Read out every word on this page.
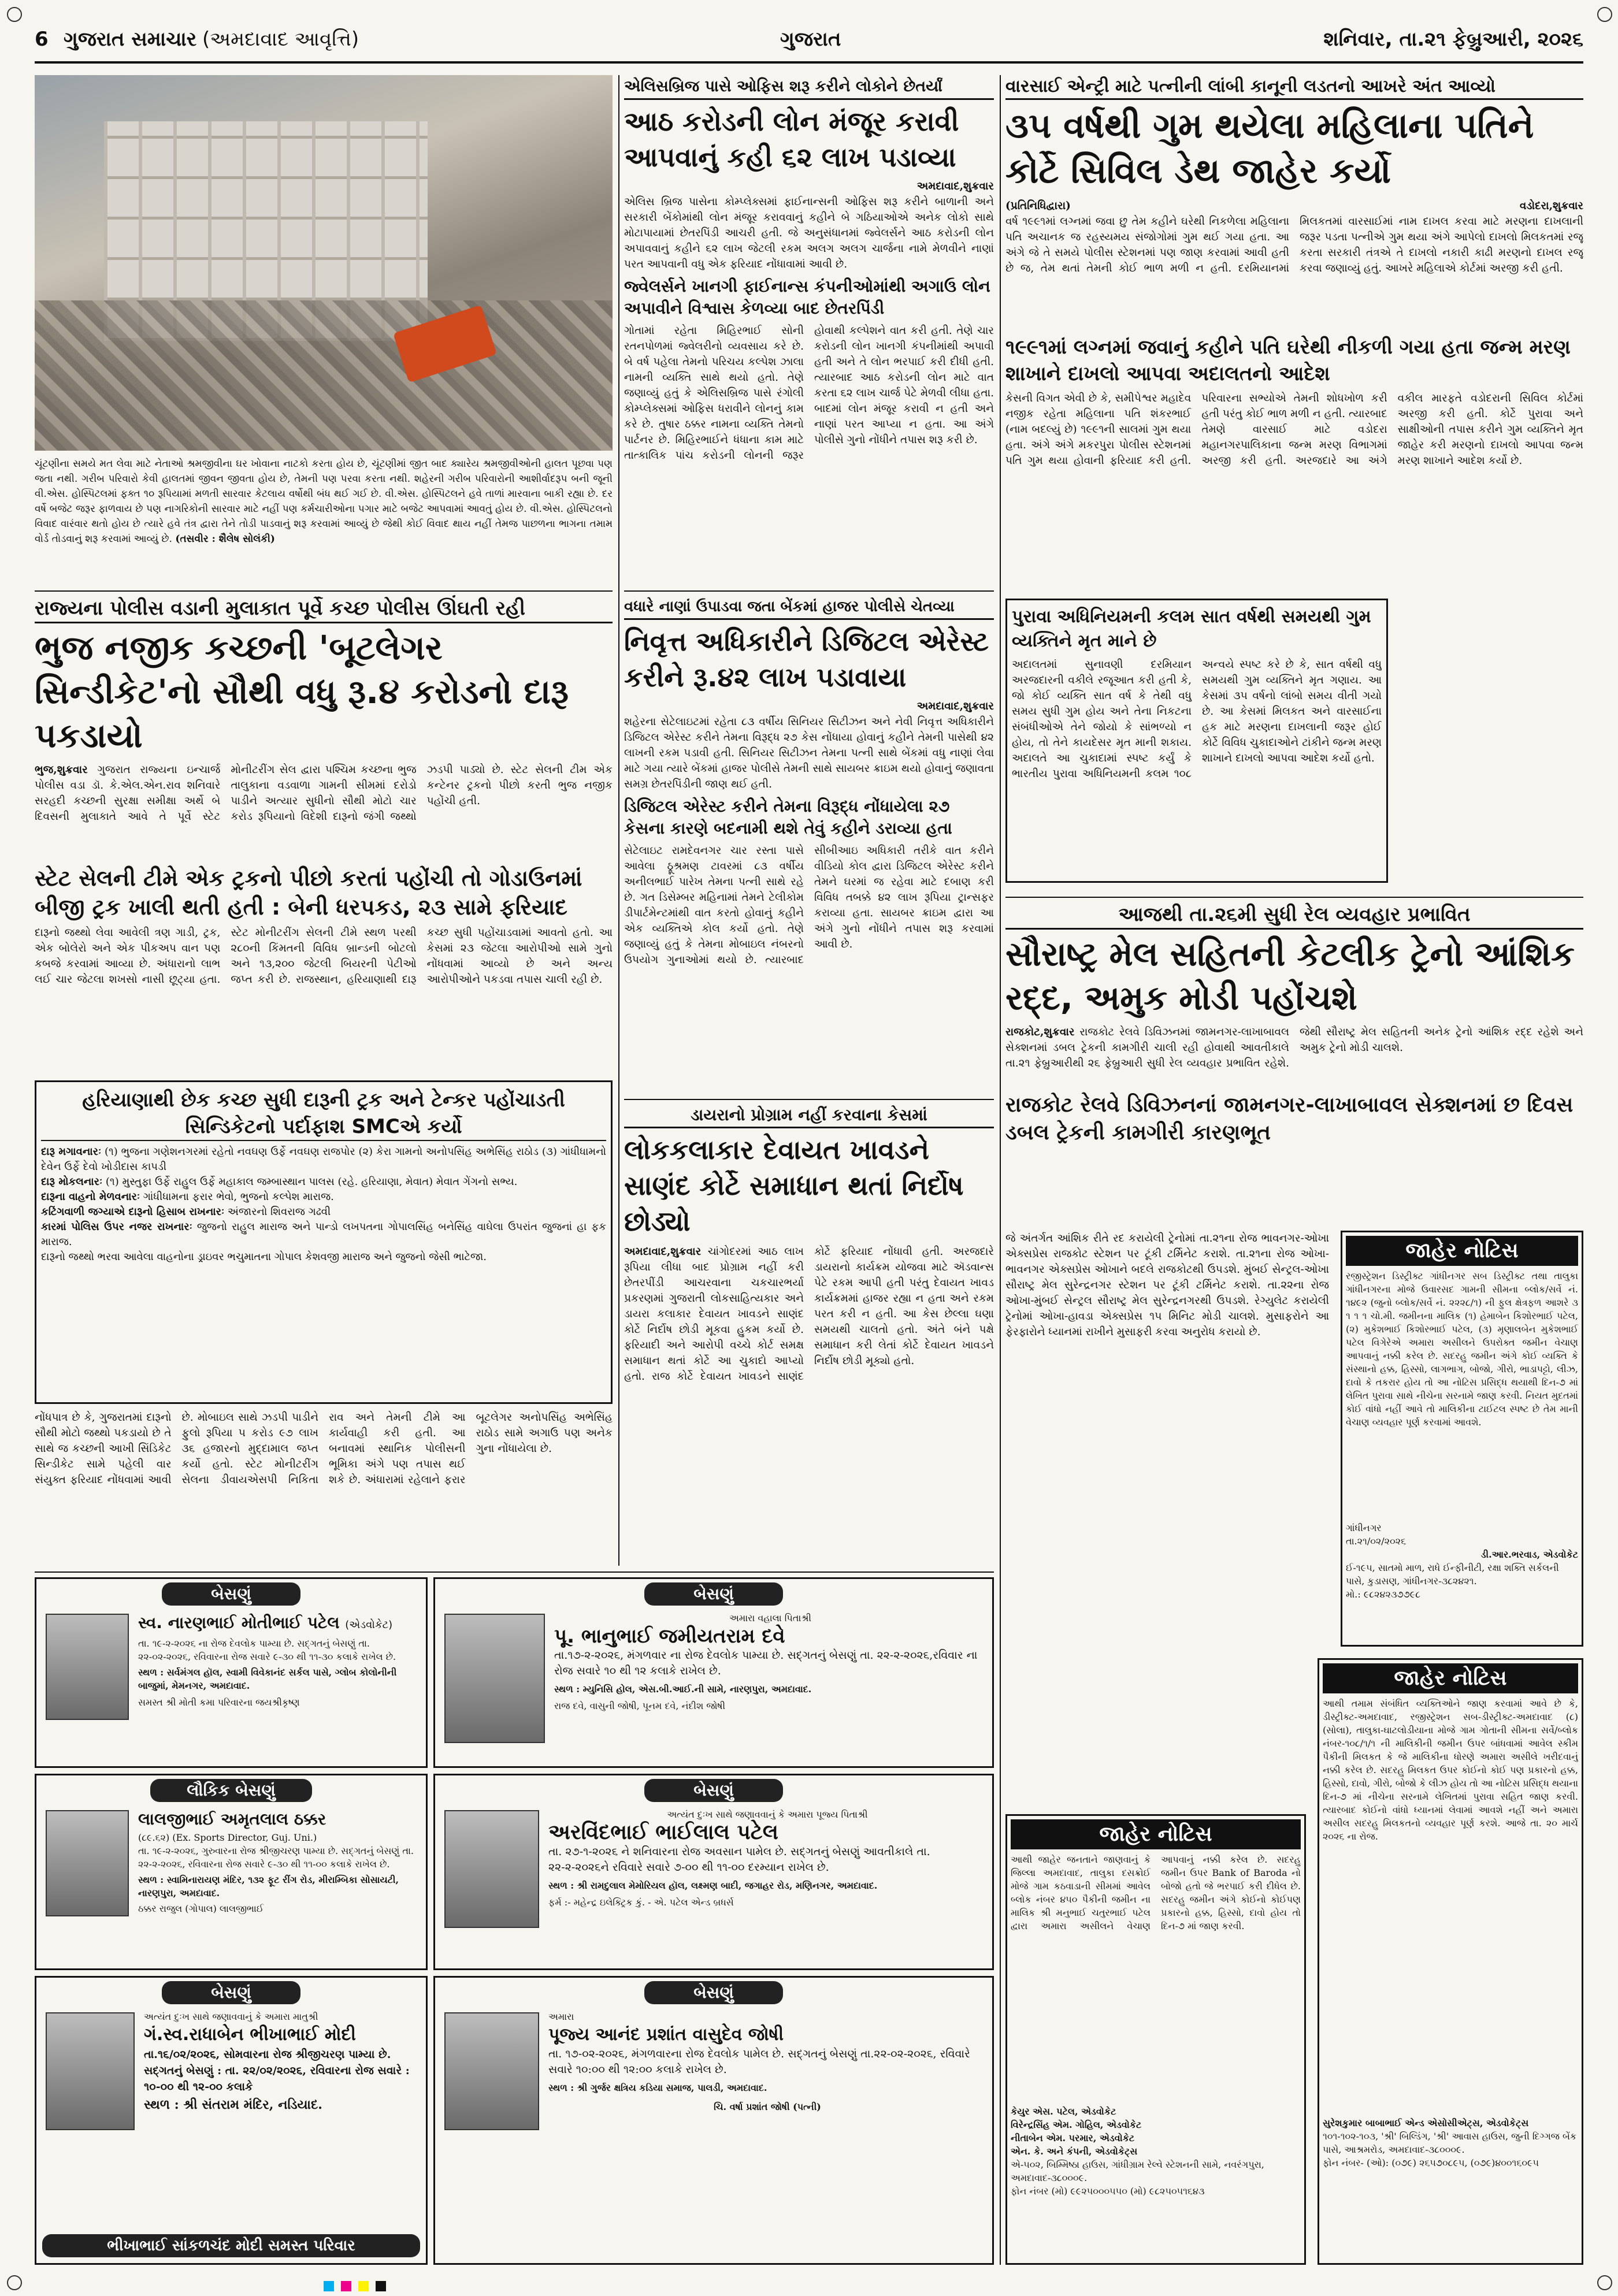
6 ગુજરાત સમાચાર (અમદાવાદ આવૃત્તિ)	ગુજરાત	શનિવાર, તા.૨૧ ફેબ્રુઆરી, ૨૦૨૬
ચૂંટણીના સમયે મત લેવા માટે નેતાઓ શ્રમજીવીના ઘર ખોવાના નાટકો કરતા હોય છે, ચૂંટણીમાં જીત બાદ ક્યારેય શ્રમજીવીઓની હાલત પૂછવા પણ જતા નથી. ગરીબ પરિવારો કેવી હાલતમાં જીવન જીવતા હોય છે, તેમની પણ પરવા કરતા નથી. શહેરની ગરીબ પરિવારોની આશીર્વાદરૂપ બની જૂની વી.એસ. હોસ્પિટલમાં ફક્ત ૧૦ રૂપિયામાં મળતી સારવાર કેટલાય વર્ષોથી બંધ થઈ ગઈ છે. વી.એસ. હોસ્પિટલને હવે તાળાં મારવાના બાકી રહ્યા છે. દર વર્ષે બજેટ જરૂર ફાળવાય છે પણ નાગરિકોની સારવાર માટે નહીં પણ કર્મચારીઓના પગાર માટે બજેટ આપવામાં આવતું હોય છે. વી.એસ. હોસ્પિટલનો વિવાદ વારંવાર થતો હોય છે ત્યારે હવે તંત્ર દ્વારા તેને તોડી પાડવાનું શરૂ કરવામાં આવ્યું છે જેથી કોઈ વિવાદ થાય નહીં તેમજ પાછળના ભાગના તમામ વોર્ડ તોડવાનું શરૂ કરવામાં આવ્યું છે. (તસવીર : શૈલેષ સોલંકી)
એલિસબ્રિજ પાસે ઓફિસ શરૂ કરીને લોકોને છેતર્યાં
આઠ કરોડની લોન મંજૂર કરાવી આપવાનું કહી ૬૨ લાખ પડાવ્યા
અમદાવાદ,શુક્રવાર
એલિસ બ્રિજ પાસેના કોમ્પ્લેક્સમાં ફાઈનાન્સની ઓફિસ શરૂ કરીને બાળાની અને સરકારી બેંકોમાંથી લોન મંજૂર કરાવવાનું કહીને બે ગઠિયાઓએ અનેક લોકો સાથે મોટાપાયામાં છેતરપિંડી આચરી હતી. જે અનુસંધાનમાં જ્વેલર્સને આઠ કરોડની લોન અપાવવાનું કહીને ૬૨ લાખ જેટલી રકમ અલગ અલગ ચાર્જના નામે મેળવીને નાણાં પરત આપવાની વધુ એક ફરિયાદ નોંધાવામાં આવી છે.
જ્વેલર્સને ખાનગી ફાઈનાન્સ કંપનીઓમાંથી અગાઉ લોન અપાવીને વિશ્વાસ કેળવ્યા બાદ છેતરપિંડી
ગોતામાં રહેતા મિહિરભાઈ સોની રતનપોળમાં જ્વેલરીનો વ્યવસાય કરે છે. બે વર્ષ પહેલા તેમનો પરિચય કલ્પેશ ઝાલા નામની વ્યક્તિ સાથે થયો હતો. તેણે જણાવ્યું હતું કે એલિસબ્રિજ પાસે રંગોલી કોમ્પ્લેક્સમાં ઓફિસ ધરાવીને લોનનું કામ કરે છે. તુષાર ઠક્કર નામના વ્યક્તિ તેમનો પાર્ટનર છે. મિહિરભાઈને ધંધાના કામ માટે તાત્કાલિક પાંચ કરોડની લોનની જરૂર હોવાથી કલ્પેશને વાત કરી હતી. તેણે ચાર કરોડની લોન ખાનગી કંપનીમાંથી અપાવી હતી અને તે લોન ભરપાઈ કરી દીધી હતી. ત્યારબાદ આઠ કરોડની લોન માટે વાત કરતા ૬૨ લાખ ચાર્જ પેટે મેળવી લીધા હતા. બાદમાં લોન મંજૂર કરાવી ન હતી અને નાણાં પરત આપ્યા ન હતા. આ અંગે પોલીસે ગુનો નોંધીને તપાસ શરૂ કરી છે.
વારસાઈ એન્ટ્રી માટે પત્નીની લાંબી કાનૂની લડતનો આખરે અંત આવ્યો
૩૫ વર્ષથી ગુમ થયેલા મહિલાના પતિને કોર્ટે સિવિલ ડેથ જાહેર કર્યો
(પ્રતિનિધિદ્વારા)	વડોદરા,શુક્રવાર
વર્ષ ૧૯૯૧માં લગ્નમાં જવા છુ તેમ કહીને ઘરેથી નિકળેલા મહિલાના પતિ અચાનક જ રહસ્યમય સંજોગોમાં ગુમ થઈ ગયા હતા. આ અંગે જે તે સમયે પોલીસ સ્ટેશનમાં પણ જાણ કરવામાં આવી હતી છે જ, તેમ થતાં તેમની કોઈ ભાળ મળી ન હતી. દરમિયાનમાં મિલકતમાં વારસાઈમાં નામ દાખલ કરવા માટે મરણના દાખલાની જરૂર પડતા પત્નીએ ગુમ થયા અંગે આપેલો દાખલો મિલકતમાં રજૂ કરતા સરકારી તંત્રએ તે દાખલો નકારી કાઢી મરણનો દાખલ રજૂ કરવા જણાવ્યું હતું. આખરે મહિલાએ કોર્ટમાં અરજી કરી હતી.
૧૯૯૧માં લગ્નમાં જવાનું કહીને પતિ ઘરેથી નીકળી ગયા હતા જન્મ મરણ શાખાને દાખલો આપવા અદાલતનો આદેશ
કેસની વિગત એવી છે કે, સમીપેશ્વર મહાદેવ નજીક રહેતા મહિલાના પતિ શંકરભાઈ (નામ બદલ્યું છે) ૧૯૯૧ની સાલમાં ગુમ થયા હતા. અંગે અંગે મકરપુરા પોલીસ સ્ટેશનમાં પતિ ગુમ થયા હોવાની ફરિયાદ કરી હતી. પરિવારના સભ્યોએ તેમની શોધખોળ કરી હતી પરંતુ કોઈ ભાળ મળી ન હતી. ત્યારબાદ તેમણે વારસાઈ માટે વડોદરા મહાનગરપાલિકાના જન્મ મરણ વિભાગમાં અરજી કરી હતી. અરજદારે આ અંગે વકીલ મારફતે વડોદરાની સિવિલ કોર્ટમાં અરજી કરી હતી. કોર્ટે પુરાવા અને સાક્ષીઓની તપાસ કરીને ગુમ વ્યક્તિને મૃત જાહેર કરી મરણનો દાખલો આપવા જન્મ મરણ શાખાને આદેશ કર્યો છે.
પુરાવા અધિનિયમની કલમ સાત વર્ષથી સમયથી ગુમ વ્યક્તિને મૃત માને છે
અદાલતમાં સુનાવણી દરમિયાન અરજદારની વકીલે રજૂઆત કરી હતી કે, જો કોઈ વ્યક્તિ સાત વર્ષ કે તેથી વધુ સમય સુધી ગુમ હોય અને તેના નિકટના સંબંધીઓએ તેને જોયો કે સાંભળ્યો ન હોય, તો તેને કાયદેસર મૃત માની શકાય. અદાલતે આ ચુકાદામાં સ્પષ્ટ કર્યું કે ભારતીય પુરાવા અધિનિયમની કલમ ૧૦૮ અન્વયે સ્પષ્ટ કરે છે કે, સાત વર્ષથી વધુ સમયથી ગુમ વ્યક્તિને મૃત ગણાય. આ કેસમાં ૩૫ વર્ષનો લાંબો સમય વીતી ગયો છે. આ કેસમાં મિલકત અને વારસાઈના હક માટે મરણના દાખલાની જરૂર હોઈ કોર્ટે વિવિધ ચુકાદાઓને ટાંકીને જન્મ મરણ શાખાને દાખલો આપવા આદેશ કર્યો હતો.
રાજ્યના પોલીસ વડાની મુલાકાત પૂર્વે કચ્છ પોલીસ ઊંઘતી રહી
ભુજ નજીક કચ્છની 'બૂટલેગર સિન્ડીકેટ'નો સૌથી વધુ રૂ.૪ કરોડનો દારૂ પકડાયો
ભુજ,શુક્રવાર ગુજરાત રાજ્યના ઇન્ચાર્જ પોલીસ વડા ડૉ. કે.એલ.એન.રાવ શનિવારે સરહદી કચ્છની સુરક્ષા સમીક્ષા અર્થે બે દિવસની મુલાકાતે આવે તે પૂર્વે સ્ટેટ મોનીટરીંગ સેલ દ્વારા પશ્ચિમ કચ્છના ભુજ તાલુકાના વડવાળા ગામની સીમમાં દરોડો પાડીને અત્યાર સુધીનો સૌથી મોટો ચાર કરોડ રૂપિયાનો વિદેશી દારૂનો જંગી જથ્થો ઝડપી પાડ્યો છે. સ્ટેટ સેલની ટીમ એક કન્ટેનર ટ્રકનો પીછો કરતી ભુજ નજીક પહોંચી હતી.
સ્ટેટ સેલની ટીમે એક ટ્રકનો પીછો કરતાં પહોંચી તો ગોડાઉનમાં બીજી ટ્રક ખાલી થતી હતી : બેની ધરપકડ, ૨૩ સામે ફરિયાદ
દારૂનો જથ્થો લેવા આવેલી ત્રણ ગાડી, ટ્રક, એક બોલેરો અને એક પીકઅપ વાન પણ કબજે કરવામાં આવ્યા છે. અંધારાનો લાભ લઈ ચાર જેટલા શખસો નાસી છૂટ્યા હતા. સ્ટેટ મોનીટરીંગ સેલની ટીમે સ્થળ પરથી ૨૮૦ની કિંમતની વિવિધ બ્રાન્ડની બોટલો અને ૧૩,૨૦૦ જેટલી બિયરની પેટીઓ જપ્ત કરી છે. રાજસ્થાન, હરિયાણાથી દારૂ કચ્છ સુધી પહોંચાડવામાં આવતો હતો. આ કેસમાં ૨૩ જેટલા આરોપીઓ સામે ગુનો નોંધવામાં આવ્યો છે અને અન્ય આરોપીઓને પકડવા તપાસ ચાલી રહી છે.
હરિયાણાથી છેક કચ્છ સુધી દારૂની ટ્રક અને ટેન્કર પહોંચાડતી સિન્ડિકેટનો પર્દાફાશ SMCએ કર્યો
દારૂ મગાવનારઃ (૧) ભુજના ગણેશનગરમાં રહેતો નવઘણ ઉર્ફે નવઘણ રાજપોર (૨) કેરા ગામનો અનોપસિંહ અભેસિંહ રાઠોડ (૩) ગાંધીધામનો દેવેન ઉર્ફે દેવો ખોડીદાસ કાપડી
દારૂ મોકલનારઃ (૧) મુસ્તુફા ઉર્ફે રાહુલ ઉર્ફે મહાકાલ જમ્બાસ્થાન પાલસ (રહે. હરિયાણા, મેવાત) મેવાત ગેંગનો સભ્ય.
દારૂના વાહનો મેળવનારઃ ગાંધીધામના ફરાર ભેવો, ભુજનો કલ્પેશ મારાજ.
કટિંગવાળી જગ્યાએ દારૂનો હિસાબ રાખનારઃ અંજારનો શિવરાજ ગઢવી
કારમાં પોલિસ ઉપર નજર રાખનારઃ જુજનો રાહુલ મારાજ અને પાન્ડો લખપતના ગોપાલસિંહ બનેસિંહ વાઘેલા ઉપરાંત જુજનાં હા ફક મારાજ.
દારૂનો જથ્થો ભરવા આવેલા વાહનોના ડ્રાઇવર ભચુમાતના ગોપાલ કેશવજી મારાજ અને જુજનો જેસી ભાટેજા.
નોંધપાત્ર છે કે, ગુજરાતમાં દારૂનો સૌથી મોટો જથ્થો પકડાયો છે તે સાથે જ કચ્છની આખી સિંડિકેટ સિન્ડીકેટ સામે પહેલી વાર સંયુક્ત ફરિયાદ નોંધવામાં આવી છે. મોબાઇલ સાથે ઝડપી પાડીને ફુલો રૂપિયા ૫ કરોડ ૯૭ લાખ ૩૬ હજારનો મુદ્દામાલ જપ્ત કર્યો હતો. સ્ટેટ મોનીટરીંગ સેલના ડીવાયએસપી નિકિતા રાવ અને તેમની ટીમે આ કાર્યવાહી કરી હતી. આ બનાવમાં સ્થાનિક પોલીસની ભૂમિકા અંગે પણ તપાસ થઈ શકે છે. અંધારામાં રહેલાને ફરાર બૂટલેગર અનોપસિંહ અભેસિંહ રાઠોડ સામે અગાઉ પણ અનેક ગુના નોંધાયેલા છે.
વધારે નાણાં ઉપાડવા જતા બેંકમાં હાજર પોલીસે ચેતવ્યા
નિવૃત્ત અધિકારીને ડિજિટલ એરેસ્ટ કરીને રૂ.૪૨ લાખ પડાવાયા
અમદાવાદ,શુક્રવાર
શહેરના સેટેલાઇટમાં રહેતા ૮૩ વર્ષીય સિનિયર સિટીઝન અને નેવી નિવૃત્ત અધિકારીને ડિજિટલ એરેસ્ટ કરીને તેમના વિરૂદ્ધ ૨૭ કેસ નોંધાયા હોવાનું કહીને તેમની પાસેથી ૪૨ લાખની રકમ પડાવી હતી. સિનિયર સિટીઝન તેમના પત્ની સાથે બેંકમાં વધુ નાણાં લેવા માટે ગયા ત્યારે બેંકમાં હાજર પોલીસે તેમની સાથે સાયબર ક્રાઇમ થયો હોવાનું જણાવતા સમગ્ર છેતરપિંડીની જાણ થઈ હતી.
ડિજિટલ એરેસ્ટ કરીને તેમના વિરૂદ્ધ નોંધાયેલા ૨૭ કેસના કારણે બદનામી થશે તેવું કહીને ડરાવ્યા હતા
સેટેલાઇટ રામદેવનગર ચાર રસ્તા પાસે આવેલા ઠ્રૂશ્રમણ ટાવરમાં ૮૩ વર્ષીય અનીલભાઈ પારેખ તેમના પત્ની સાથે રહે છે. ગત ડિસેમ્બર મહિનામાં તેમને ટેલીકોમ ડીપાર્ટમેન્ટમાંથી વાત કરતો હોવાનું કહીને એક વ્યક્તિએ કોલ કર્યો હતો. તેણે જણાવ્યું હતું કે તેમના મોબાઇલ નંબરનો ઉપયોગ ગુનાઓમાં થયો છે. ત્યારબાદ સીબીઆઇ અધિકારી તરીકે વાત કરીને વીડિયો કોલ દ્વારા ડિજિટલ એરેસ્ટ કરીને તેમને ઘરમાં જ રહેવા માટે દબાણ કરી વિવિધ તબક્કે ૪૨ લાખ રૂપિયા ટ્રાન્સફર કરાવ્યા હતા. સાયબર ક્રાઇમ દ્વારા આ અંગે ગુનો નોંધીને તપાસ શરૂ કરવામાં આવી છે.
ડાયરાનો પ્રોગ્રામ નહીં કરવાના કેસમાં
લોકકલાકાર દેવાયત ખાવડને સાણંદ કોર્ટે સમાધાન થતાં નિર્દોષ છોડ્યો
અમદાવાદ,શુક્રવાર ચાંગોદરમાં આઠ લાખ રૂપિયા લીધા બાદ પ્રોગ્રામ નહીં કરી છેતરપીંડી આચરવાના ચકચારભર્યા પ્રકરણમાં ગુજરાતી લોકસાહિત્યકાર અને ડાયરા કલાકાર દેવાયત ખાવડને સાણંદ કોર્ટે નિર્દોષ છોડી મૂકવા હુકમ કર્યો છે. ફરિયાદી અને આરોપી વચ્ચે કોર્ટ સમક્ષ સમાધાન થતાં કોર્ટે આ ચુકાદો આપ્યો હતો. રાજ કોર્ટે દેવાયત ખાવડને સાણંદ કોર્ટે ફરિયાદ નોંધાવી હતી. અરજદારે ડાયરાનો કાર્યક્રમ યોજવા માટે ઍડવાન્સ પેટે રકમ આપી હતી પરંતુ દેવાયત ખાવડ કાર્યક્રમમાં હાજર રહ્યા ન હતા અને રકમ પરત કરી ન હતી. આ કેસ છેલ્લા ઘણા સમયથી ચાલતો હતો. અંતે બંને પક્ષે સમાધાન કરી લેતાં કોર્ટે દેવાયત ખાવડને નિર્દોષ છોડી મૂક્યો હતો.
આજથી તા.૨૬મી સુધી રેલ વ્યવહાર પ્રભાવિત
સૌરાષ્ટ્ર મેલ સહિતની કેટલીક ટ્રેનો આંશિક રદ્દ, અમુક મોડી પહોંચશે
રાજકોટ,શુક્રવાર રાજકોટ રેલવે ડિવિઝનમાં જામનગર-લાખાબાવલ સેક્શનમાં ડબલ ટ્રેકની કામગીરી ચાલી રહી હોવાથી આવતીકાલે તા.૨૧ ફેબ્રુઆરીથી ૨૬ ફેબ્રુઆરી સુધી રેલ વ્યવહાર પ્રભાવિત રહેશે. જેથી સૌરાષ્ટ્ર મેલ સહિતની અનેક ટ્રેનો આંશિક રદ્દ રહેશે અને અમુક ટ્રેનો મોડી ચાલશે.
રાજકોટ રેલવે ડિવિઝનનાં જામનગર-લાખાબાવલ સેક્શનમાં છ દિવસ ડબલ ટ્રેકની કામગીરી કારણભૂત
જે અંતર્ગત આંશિક રીતે રદ કરાયેલી ટ્રેનોમાં તા.૨૧ના રોજ ભાવનગર-ઓખા એક્સપ્રેસ રાજકોટ સ્ટેશન પર ટૂંકી ટર્મિનેટ કરાશે. તા.૨૧ના રોજ ઓખા-ભાવનગર એક્સપ્રેસ ઓખાને બદલે રાજકોટથી ઉપડશે. મુંબઈ સેન્ટ્રલ-ઓખા સૌરાષ્ટ્ર મેલ સુરેન્દ્રનગર સ્ટેશન પર ટૂંકી ટર્મિનેટ કરાશે. તા.૨૨ના રોજ ઓખા-મુંબઈ સેન્ટ્રલ સૌરાષ્ટ્ર મેલ સુરેન્દ્રનગરથી ઉપડશે. રેગ્યુલેટ કરાયેલી ટ્રેનોમાં ઓખા-હાવડા એક્સપ્રેસ ૧૫ મિનિટ મોડી ચાલશે. મુસાફરોને આ ફેરફારોને ધ્યાનમાં રાખીને મુસાફરી કરવા અનુરોધ કરાયો છે.
જાહેર નોટિસ
રજીસ્ટ્રેશન ડિસ્ટ્રીક્ટ ગાંધીનગર સબ ડિસ્ટ્રીક્ટ તથા તાલુકા ગાંધીનગરના મોજે ઉવારસદ ગામની સીમના બ્લોક/સર્વે નં. ૧૪૯૨ (જુનો બ્લોક/સર્વે નં. ૨૨૨૮/૧) ની ફુલ ક્ષેત્રફળ આશરે ૩ ૧ ૧ ૧ ચો.મી. જમીનના માલિક (૧) હેમાબેન કિશોરભાઈ પટેલ, (૨) મુકેશભાઈ કિશોરભાઈ પટેલ, (૩) મૃણાલબેન મુકેશભાઈ પટેલ વિગેરેએ અમારા અસીલને ઉપરોક્ત જમીન વેચાણ આપવાનું નક્કી કરેલ છે. સદરહુ જમીન અંગે કોઈ વ્યક્તિ કે સંસ્થાનો હક્ક, હિસ્સો, લાગભાગ, બોજો, ગીરો, ભાડાપટ્ટો, લીઝ, દાવો કે તકરાર હોય તો આ નોટિસ પ્રસિદ્ધ થયાથી દિન-૭ માં લેખિત પુરાવા સાથે નીચેના સરનામે જાણ કરવી. નિયત મુદતમાં કોઈ વાંધો નહીં આવે તો માલિકીના ટાઈટલ સ્પષ્ટ છે તેમ માની વેચાણ વ્યવહાર પૂર્ણ કરવામાં આવશે.
ગાંધીનગર
તા.૨૧/૦૨/૨૦૨૬
ડી.આર.ભરવાડ, એડવોકેટ
ઈ-૧૯૫, સાતમો માળ, રાધે ઈન્ફીનીટી, રક્ષા શક્તિ સર્કલની પાસે, કુડાસણ, ગાંધીનગર-૩૮૨૪૨૧.
મો.: ૯૮૨૪૨૩૭૭૯૮
જાહેર નોટિસ
આથી જાહેર જનતાને જાણવાનું કે જિલ્લા અમદાવાદ, તાલુકા દસક્રોઈ મોજે ગામ કઠવાડાની સીમમાં આવેલ બ્લોક નંબર ૪૫૦ પૈકીની જમીન ના માલિક શ્રી મનુભાઈ ચતુરભાઈ પટેલ દ્વારા અમારા અસીલને વેચાણ આપવાનું નક્કી કરેલ છે. સદરહુ જમીન ઉપર Bank of Baroda નો બોજો હતો જે ભરપાઈ કરી દીધેલ છે. સદરહુ જમીન અંગે કોઈનો કોઈપણ પ્રકારનો હક્ક, હિસ્સો, દાવો હોય તો દિન-૭ માં જાણ કરવી.
કેયુર એસ. પટેલ, એડવોકેટ
વિરેન્દ્રસિંહ એમ. ગોહિલ, એડવોકેટ
નીતાબેન એમ. પરમાર, એડવોકેટ
એન. કે. અને કંપની, એડવોકેટ્સ
એ-૫૦૨, બિમ્મિષ્ઠા હાઉસ, ગાંધીગ્રામ રેલ્વે સ્ટેશનની સામે, નવરંગપુરા, અમદાવાદ-૩૮૦૦૦૯.
ફોન નંબર (મો) ૯૯૨૫૦૦૦૫૫૦ (મો) ૯૮૨૫૦૫૧૬૪૩
જાહેર નોટિસ
આથી તમામ સંબંધિત વ્યક્તિઓને જાણ કરવામાં આવે છે કે, ડીસ્ટ્રીક્ટ-અમદાવાદ, રજીસ્ટ્રેશન સબ-ડીસ્ટ્રીક્ટ-અમદાવાદ (૮) (સોલા), તાલુકા-ઘાટલોડીયાના મોજે ગામ ગોતાની સીમના સર્વે/બ્લોક નંબર-૧૦૮/૧/૧ ની માલિકીની જમીન ઉપર બાંધવામાં આવેલ સ્કીમ પૈકીની મિલકત કે જે માલિકીના ધોરણે અમારા અસીલે ખરીદવાનું નક્કી કરેલ છે. સદરહુ મિલકત ઉપર કોઈનો કોઈ પણ પ્રકારનો હક્ક, હિસ્સો, દાવો, ગીરો, બોજો કે લીઝ હોય તો આ નોટિસ પ્રસિદ્ધ થયાના દિન-૭ માં નીચેના સરનામે લેખિતમાં પુરાવા સહિત જાણ કરવી. ત્યારબાદ કોઈનો વાંધો ધ્યાનમાં લેવામાં આવશે નહીં અને અમારા અસીલ સદરહુ મિલકતનો વ્યવહાર પૂર્ણ કરશે. આજે તા. ૨૦ માર્ચ ૨૦૨૬ ના રોજ.
સુરેશકુમાર બાબાભાઈ એન્ડ એસોસીએટ્સ, એડવોકેટ્સ
૧૦૧-૧૦૨-૧૦૩, 'શ્રી' બિલ્ડિંગ, 'શ્રી' આવાસ હાઉસ, જુની દિગ્ગજ બેંક પાસે, આશ્રમરોડ, અમદાવાદ-૩૮૦૦૦૯.
ફોન નંબર- (ઓ): (૦૭૯) ૨૬૫૭૦૮૯૫, (૦૭૯)૪૦૦૧૬૦૯૫
બેસણું
સ્વ. નારણભાઈ મોતીભાઈ પટેલ (એડવોકેટ)
તા. ૧૯-૨-૨૦૨૬ ના રોજ દેવલોક પામ્યા છે. સદ્ગતનું બેસણું તા. ૨૨-૦૨-૨૦૨૬, રવિવારના રોજ સવારે ૯-૩૦ થી ૧૧-૩૦ કલાકે રાખેલ છે.
સ્થળ : સર્વમંગલ હૉલ, સ્વામી વિવેકાનંદ સર્કલ પાસે, ગ્લોબ કોલોનીની બાજુમાં, મેમનગર, અમદાવાદ.
સમસ્ત શ્રી મોતી કમા પરિવારના જયશ્રીકૃષ્ણ
બેસણું
અમારા વહાલા પિતાશ્રી
પૂ. ભાનુભાઈ જમીયતરામ દવે
તા.૧૭-૨-૨૦૨૬, મંગળવાર ના રોજ દેવલોક પામ્યા છે. સદ્ગતનું બેસણું તા. ૨૨-૨-૨૦૨૬,રવિવાર ના રોજ સવારે ૧૦ થી ૧૨ કલાકે રાખેલ છે.
સ્થળ : મ્યુનિસિ હોલ, એસ.બી.આઈ.ની સામે, નારણપુરા, અમદાવાદ.
રાજ દવે, વાસુની જોષી, પૂનમ દવે, નંદીશ જોષી
લૌકિક બેસણું
લાલજીભાઈ અમૃતલાલ ઠક્કર
(૮૯.૬૨) (Ex. Sports Director, Guj. Uni.)
તા. ૧૯-૨-૨૦૨૬, ગુરુવારના રોજ શ્રીજીચરણ પામ્યા છે. સદ્ગતનું બેસણું તા. ૨૨-૨-૨૦૨૬, રવિવારના રોજ સવારે ૯-૩૦ થી ૧૧-૦૦ કલાકે રાખેલ છે.
સ્થળ : સ્વામિનારાયણ મંદિર, ૧૩૨ ફૂટ રીંગ રોડ, મીરામ્બિકા સોસાયટી, નારણપુરા, અમદાવાદ.
ઠક્કર રાજુલ (ગોપાલ) લાલજીભાઈ
બેસણું
અત્યંત દુઃખ સાથે જણાવવાનું કે અમારા પૂજ્ય પિતાશ્રી
અરવિંદભાઈ ભાઈલાલ પટેલ
તા. ૨૭-૧-૨૦૨૬ ને શનિવારના રોજ અવસાન પામેલ છે. સદ્ગતનું બેસણું આવતીકાલે તા. ૨૨-૨-૨૦૨૬ને રવિવારે સવારે ૭-૦૦ થી ૧૧-૦૦ દરમ્યાન રાખેલ છે.
સ્થળ : શ્રી રામદુલાલ મેમોરિયલ હૉલ, લક્ષ્મણ બાદી, જગાહર રોડ, મણિનગર, અમદાવાદ.
ફર્મ :- મહેન્દ્ર ઇલેક્ટ્રિક કું. - એ. પટેલ એન્ડ બ્રધર્સ
બેસણું
અત્યંત દુઃખ સાથે જણાવવાનું કે અમારા માતુશ્રી
ગં.સ્વ.રાધાબેન ભીખાભાઈ મોદી
તા.૧૬/૦૨/૨૦૨૬, સોમવારના રોજ શ્રીજીચરણ પામ્યા છે. સદ્ગતનું બેસણું : તા. ૨૨/૦૨/૨૦૨૬, રવિવારના રોજ સવારે : ૧૦-૦૦ થી ૧૨-૦૦ કલાકે
સ્થળ : શ્રી સંતરામ મંદિર, નડિયાદ.
ભીખાભાઈ સાંકળચંદ મોદી સમસ્ત પરિવાર
બેસણું
અમારા
પૂજ્ય આનંદ પ્રશાંત વાસુદેવ જોષી
તા. ૧૭-૦૨-૨૦૨૬, મંગળવારના રોજ દેવલોક પામેલ છે. સદ્ગતનું બેસણું તા.૨૨-૦૨-૨૦૨૬, રવિવારે સવારે ૧૦:૦૦ થી ૧૨:૦૦ કલાકે રાખેલ છે.
સ્થળ : શ્રી ગુર્જર ક્ષત્રિય કડિયા સમાજ, પાલડી, અમદાવાદ.
ચિ. વર્ષા પ્રશાંત જોષી (પત્ની)
